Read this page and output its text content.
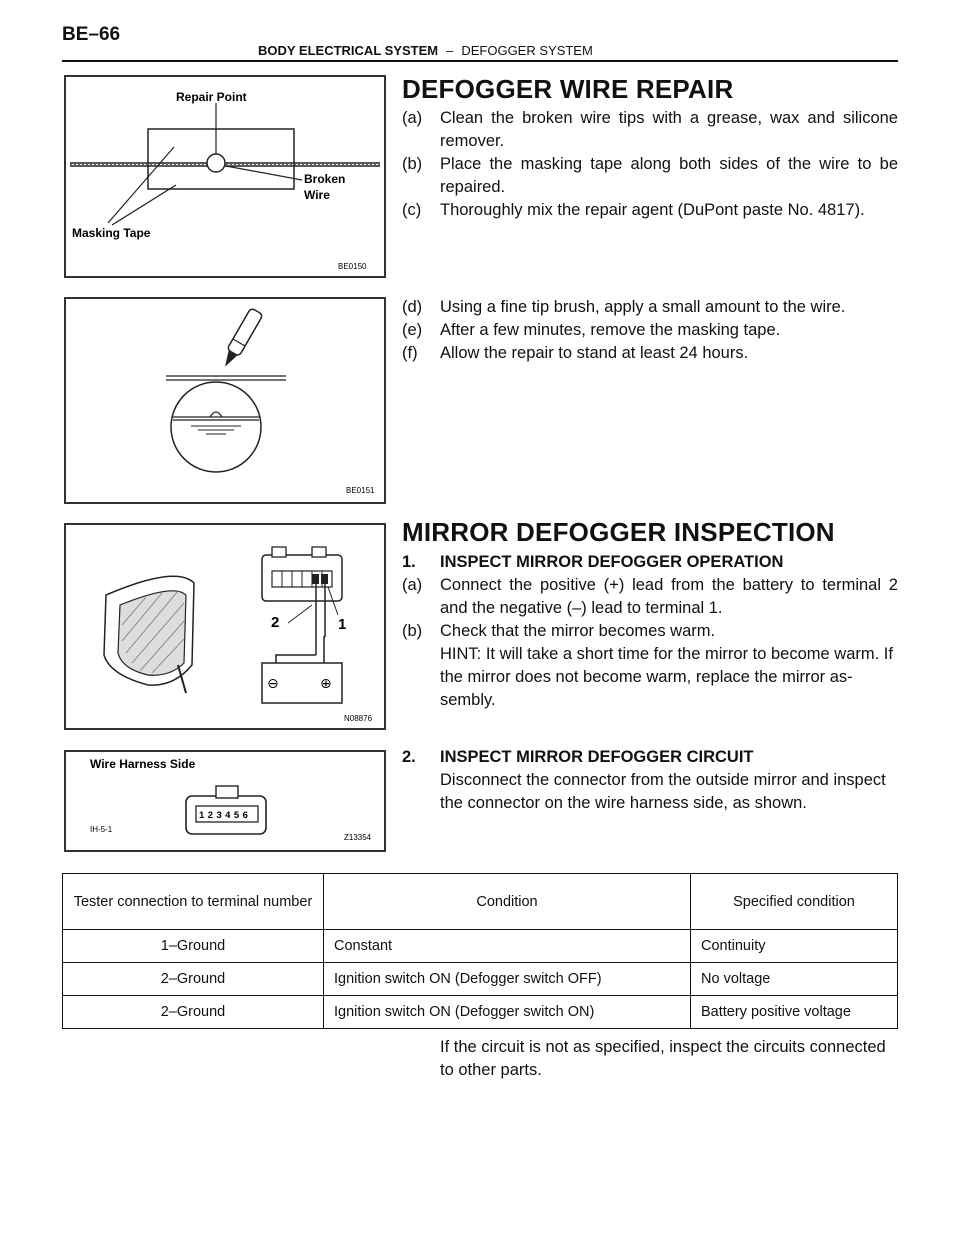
BE–66
BODY ELECTRICAL SYSTEM – DEFOGGER SYSTEM
Repair Point
Broken
Wire
Masking Tape
BE0150
BE0151
2	1
⊖	⊕
N08876
Wire Harness Side
1 2 3 4 5 6
IH-5-1
Z13354
DEFOGGER WIRE REPAIR
(a) Clean the broken wire tips with a grease, wax and silicone remover.
(b) Place the masking tape along both sides of the wire to be repaired.
(c) Thoroughly mix the repair agent (DuPont paste No. 4817).
(d) Using a fine tip brush, apply a small amount to the wire.
(e) After a few minutes, remove the masking tape.
(f) Allow the repair to stand at least 24 hours.
MIRROR DEFOGGER INSPECTION
1. INSPECT MIRROR DEFOGGER OPERATION
(a) Connect the positive (+) lead from the battery to terminal 2 and the negative (–) lead to terminal 1.
(b) Check that the mirror becomes warm.
HINT: It will take a short time for the mirror to become warm. If the mirror does not become warm, replace the mirror as- sembly.
2. INSPECT MIRROR DEFOGGER CIRCUIT
Disconnect the connector from the outside mirror and inspect the connector on the wire harness side, as shown.
Tester connection to terminal number	Condition	Specified condition
1–Ground	Constant	Continuity
2–Ground	Ignition switch ON (Defogger switch OFF)	No voltage
2–Ground	Ignition switch ON (Defogger switch ON)	Battery positive voltage
If the circuit is not as specified, inspect the circuits connected to other parts.
